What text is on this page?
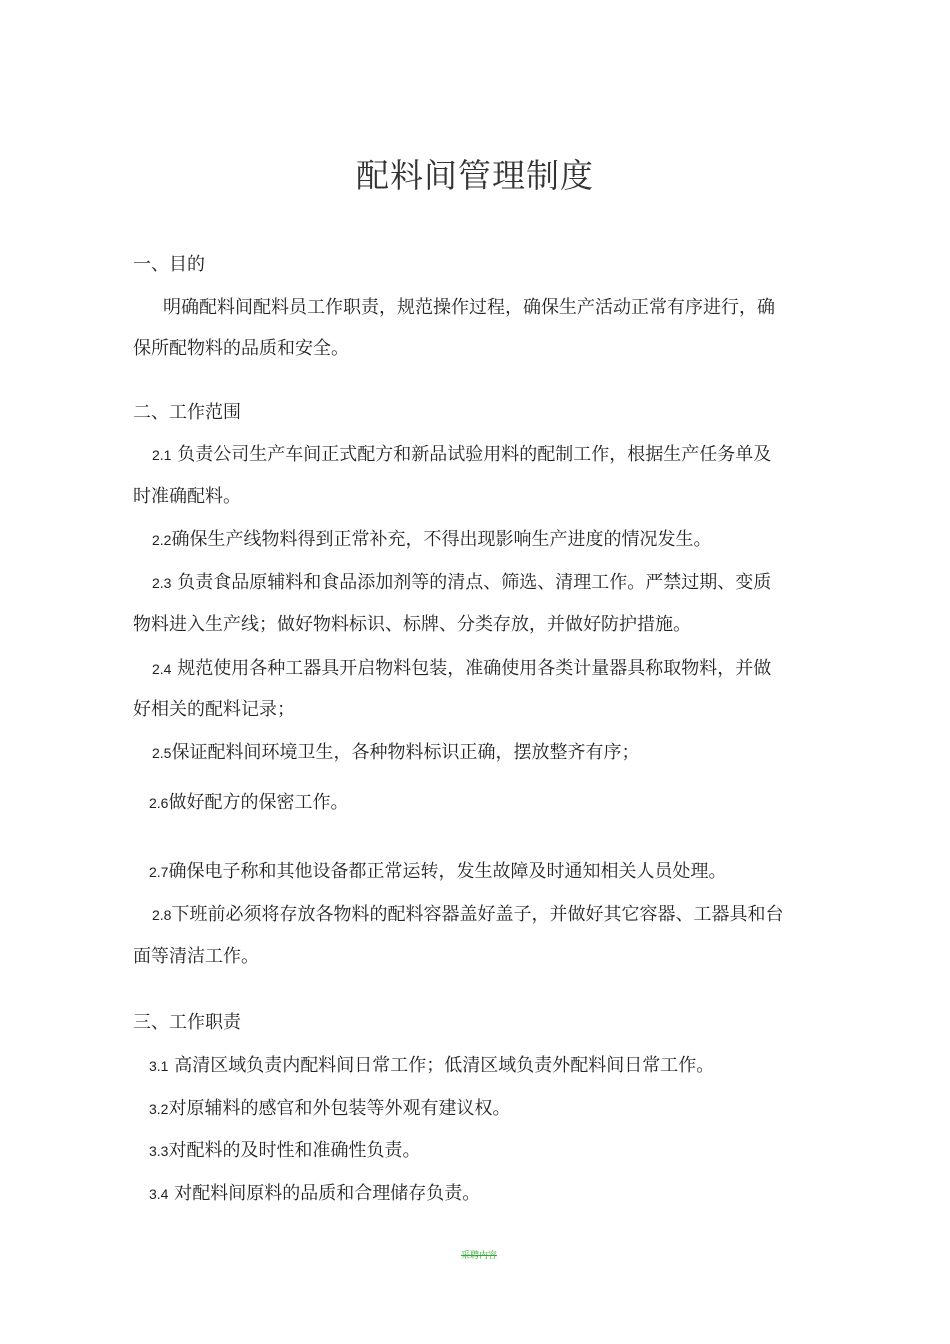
配料间管理制度
一、目的
明确配料间配料员工作职责，规范操作过程，确保生产活动正常有序进行，确
保所配物料的品质和安全。
二、工作范围
2.1 负责公司生产车间正式配方和新品试验用料的配制工作，根据生产任务单及
时准确配料。
2.2确保生产线物料得到正常补充，不得出现影响生产进度的情况发生。
2.3 负责食品原辅料和食品添加剂等的清点、筛选、清理工作。严禁过期、变质
物料进入生产线；做好物料标识、标牌、分类存放，并做好防护措施。
2.4 规范使用各种工器具开启物料包装，准确使用各类计量器具称取物料，并做
好相关的配料记录；
2.5保证配料间环境卫生，各种物料标识正确，摆放整齐有序；
2.6做好配方的保密工作。
2.7确保电子称和其他设备都正常运转，发生故障及时通知相关人员处理。
2.8下班前必须将存放各物料的配料容器盖好盖子，并做好其它容器、工器具和台
面等清洁工作。
三、工作职责
3.1 高清区域负责内配料间日常工作；低清区域负责外配料间日常工作。
3.2对原辅料的感官和外包装等外观有建议权。
3.3对配料的及时性和准确性负责。
3.4 对配料间原料的品质和合理储存负责。
采聘内容
